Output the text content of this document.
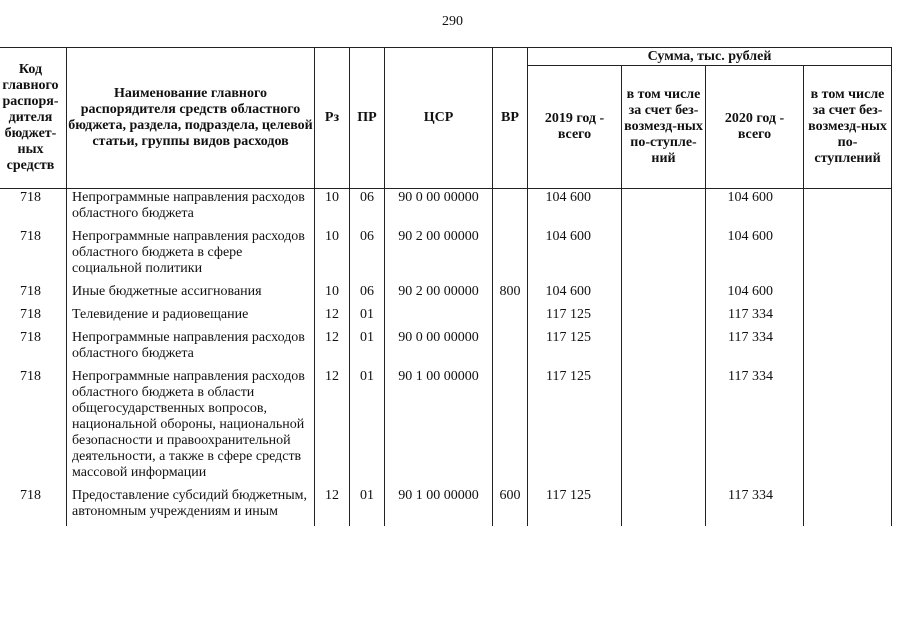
290
Код главного распоря-дителя бюджет-ных средств	Наименование главного распорядителя средств областного бюджета, раздела, подраздела, целевой статьи, группы видов расходов	Рз	ПР	ЦСР	ВР	Сумма, тыс. рублей			
						2019 год - всего	в том числе за счет без-возмезд-ных по-ступле-ний	2020 год - всего	в том числе за счет без-возмезд-ных по-ступлений
718	Непрограммные направления расходов областного бюджета	10	06	90 0 00 00000		104 600		104 600	
718	Непрограммные направления расходов областного бюджета в сфере социальной политики	10	06	90 2 00 00000		104 600		104 600	
718	Иные бюджетные ассигнования	10	06	90 2 00 00000	800	104 600		104 600	
718	Телевидение и радиовещание	12	01			117 125		117 334	
718	Непрограммные направления расходов областного бюджета	12	01	90 0 00 00000		117 125		117 334	
718	Непрограммные направления расходов областного бюджета в области общегосударственных вопросов, национальной обороны, национальной безопасности и правоохранительной деятельности, а также в сфере средств массовой информации	12	01	90 1 00 00000		117 125		117 334	
718	Предоставление субсидий бюджетным, автономным учреждениям и иным	12	01	90 1 00 00000	600	117 125		117 334	
